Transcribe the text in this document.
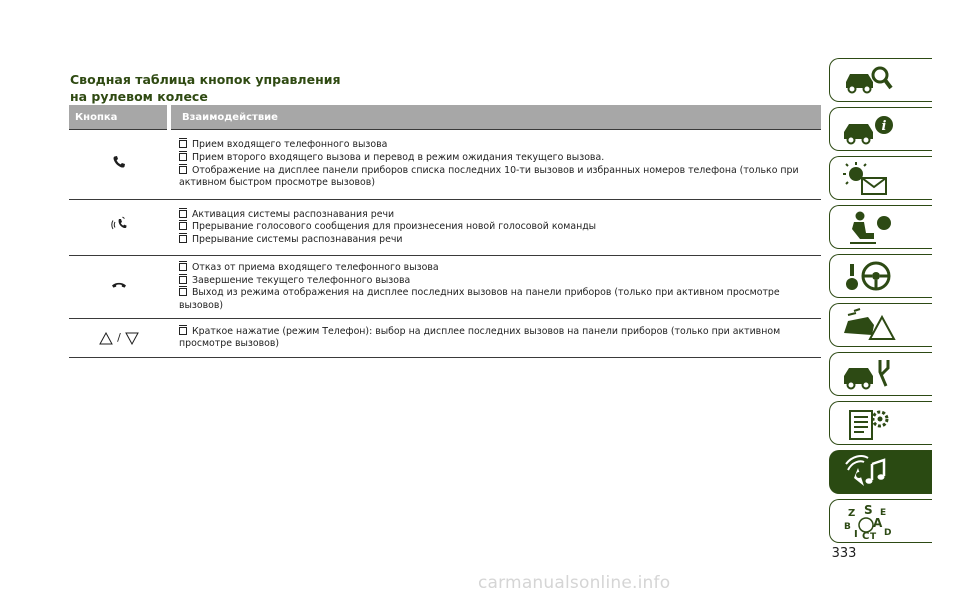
Сводная таблица кнопок управления
на рулевом колесе
Кнопка	Взаимодействие

Прием входящего телефонного вызова
Прием второго входящего вызова и перевод в режим ожидания текущего вызова.
Отображение на дисплее панели приборов списка последних 10-ти вызовов и избранных номеров телефона (только при
активном быстром просмотре вызовов)

Активация системы распознавания речи
Прерывание голосового сообщения для произнесения новой голосовой команды
Прерывание системы распознавания речи

Отказ от приема входящего телефонного вызова
Завершение текущего телефонного вызова
Выход из режима отображения на дисплее последних вызовов на панели приборов (только при активном просмотре вызовов)

/	Краткое нажатие (режим Телефон): выбор на дисплее последних вызовов на панели приборов (только при активном
просмотре вызовов)
i
Z S E
B A
I C T D
333
carmanualsonline.info
